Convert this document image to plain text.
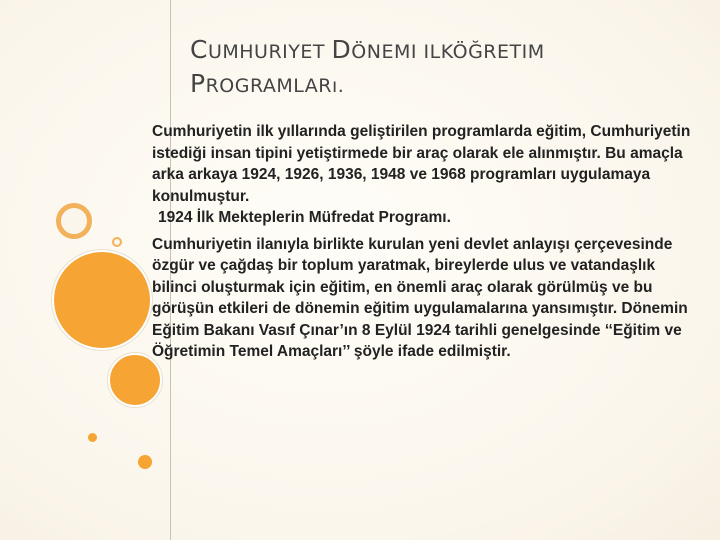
CUMHURIYET DÖNEMI ILKÖĞRETIM
PROGRAMLARı.

Cumhuriyetin ilk yıllarında geliştirilen programlarda eğitim, Cumhuriyetin istediği insan tipini yetiştirmede bir araç olarak ele alınmıştır. Bu amaçla arka arkaya 1924, 1926, 1936, 1948 ve 1968 programları uygulamaya konulmuştur.

1924 İlk Mekteplerin Müfredat Programı.

Cumhuriyetin ilanıyla birlikte kurulan yeni devlet anlayışı çerçevesinde özgür ve çağdaş bir toplum yaratmak, bireylerde ulus ve vatandaşlık bilinci oluşturmak için eğitim, en önemli araç olarak görülmüş ve bu görüşün etkileri de dönemin eğitim uygulamalarına yansımıştır. Dönemin Eğitim Bakanı Vasıf Çınar’ın 8 Eylül 1924 tarihli genelgesinde ‘‘Eğitim ve Öğretimin Temel Amaçları’’ şöyle ifade edilmiştir.
